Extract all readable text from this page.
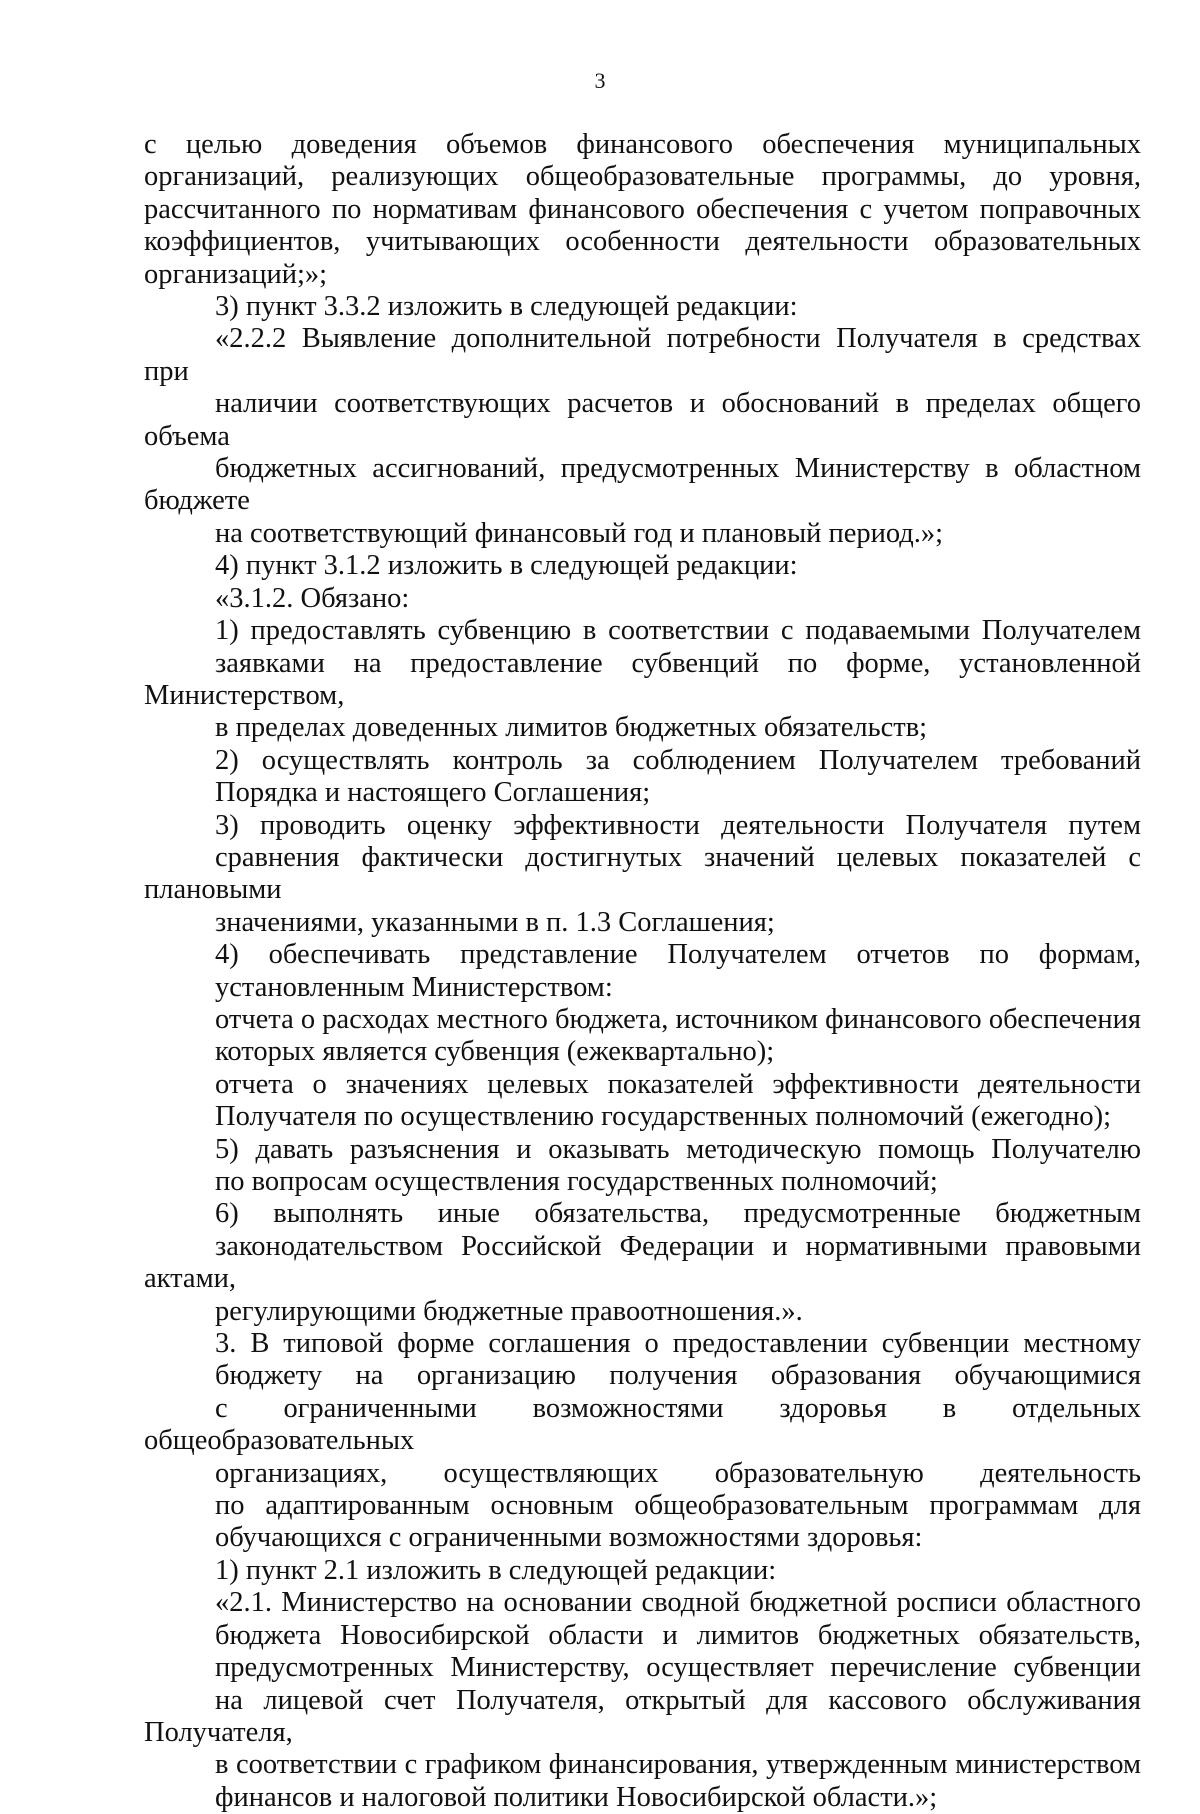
3
с целью доведения объемов финансового обеспечения муниципальных
организаций, реализующих общеобразовательные программы, до уровня,
рассчитанного по нормативам финансового обеспечения с учетом поправочных
коэффициентов, учитывающих особенности деятельности образовательных
организаций;»;
3) пункт 3.3.2 изложить в следующей редакции:
«2.2.2 Выявление дополнительной потребности Получателя в средствах при
наличии соответствующих расчетов и обоснований в пределах общего объема
бюджетных ассигнований, предусмотренных Министерству в областном бюджете
на соответствующий финансовый год и плановый период.»;
4) пункт 3.1.2 изложить в следующей редакции:
«3.1.2. Обязано:
1) предоставлять субвенцию в соответствии с подаваемыми Получателем
заявками на предоставление субвенций по форме, установленной Министерством,
в пределах доведенных лимитов бюджетных обязательств;
2) осуществлять контроль за соблюдением Получателем требований
Порядка и настоящего Соглашения;
3) проводить оценку эффективности деятельности Получателя путем
сравнения фактически достигнутых значений целевых показателей с плановыми
значениями, указанными в п. 1.3 Соглашения;
4) обеспечивать представление Получателем отчетов по формам,
установленным Министерством:
отчета о расходах местного бюджета, источником финансового обеспечения
которых является субвенция (ежеквартально);
отчета о значениях целевых показателей эффективности деятельности
Получателя по осуществлению государственных полномочий (ежегодно);
5) давать разъяснения и оказывать методическую помощь Получателю
по вопросам осуществления государственных полномочий;
6) выполнять иные обязательства, предусмотренные бюджетным
законодательством Российской Федерации и нормативными правовыми актами,
регулирующими бюджетные правоотношения.».
3. В типовой форме соглашения о предоставлении субвенции местному
бюджету на организацию получения образования обучающимися
с ограниченными возможностями здоровья в отдельных общеобразовательных
организациях, осуществляющих образовательную деятельность
по адаптированным основным общеобразовательным программам для
обучающихся с ограниченными возможностями здоровья:
1) пункт 2.1 изложить в следующей редакции:
«2.1. Министерство на основании сводной бюджетной росписи областного
бюджета Новосибирской области и лимитов бюджетных обязательств,
предусмотренных Министерству, осуществляет перечисление субвенции
на лицевой счет Получателя, открытый для кассового обслуживания Получателя,
в соответствии с графиком финансирования, утвержденным министерством
финансов и налоговой политики Новосибирской области.»;
